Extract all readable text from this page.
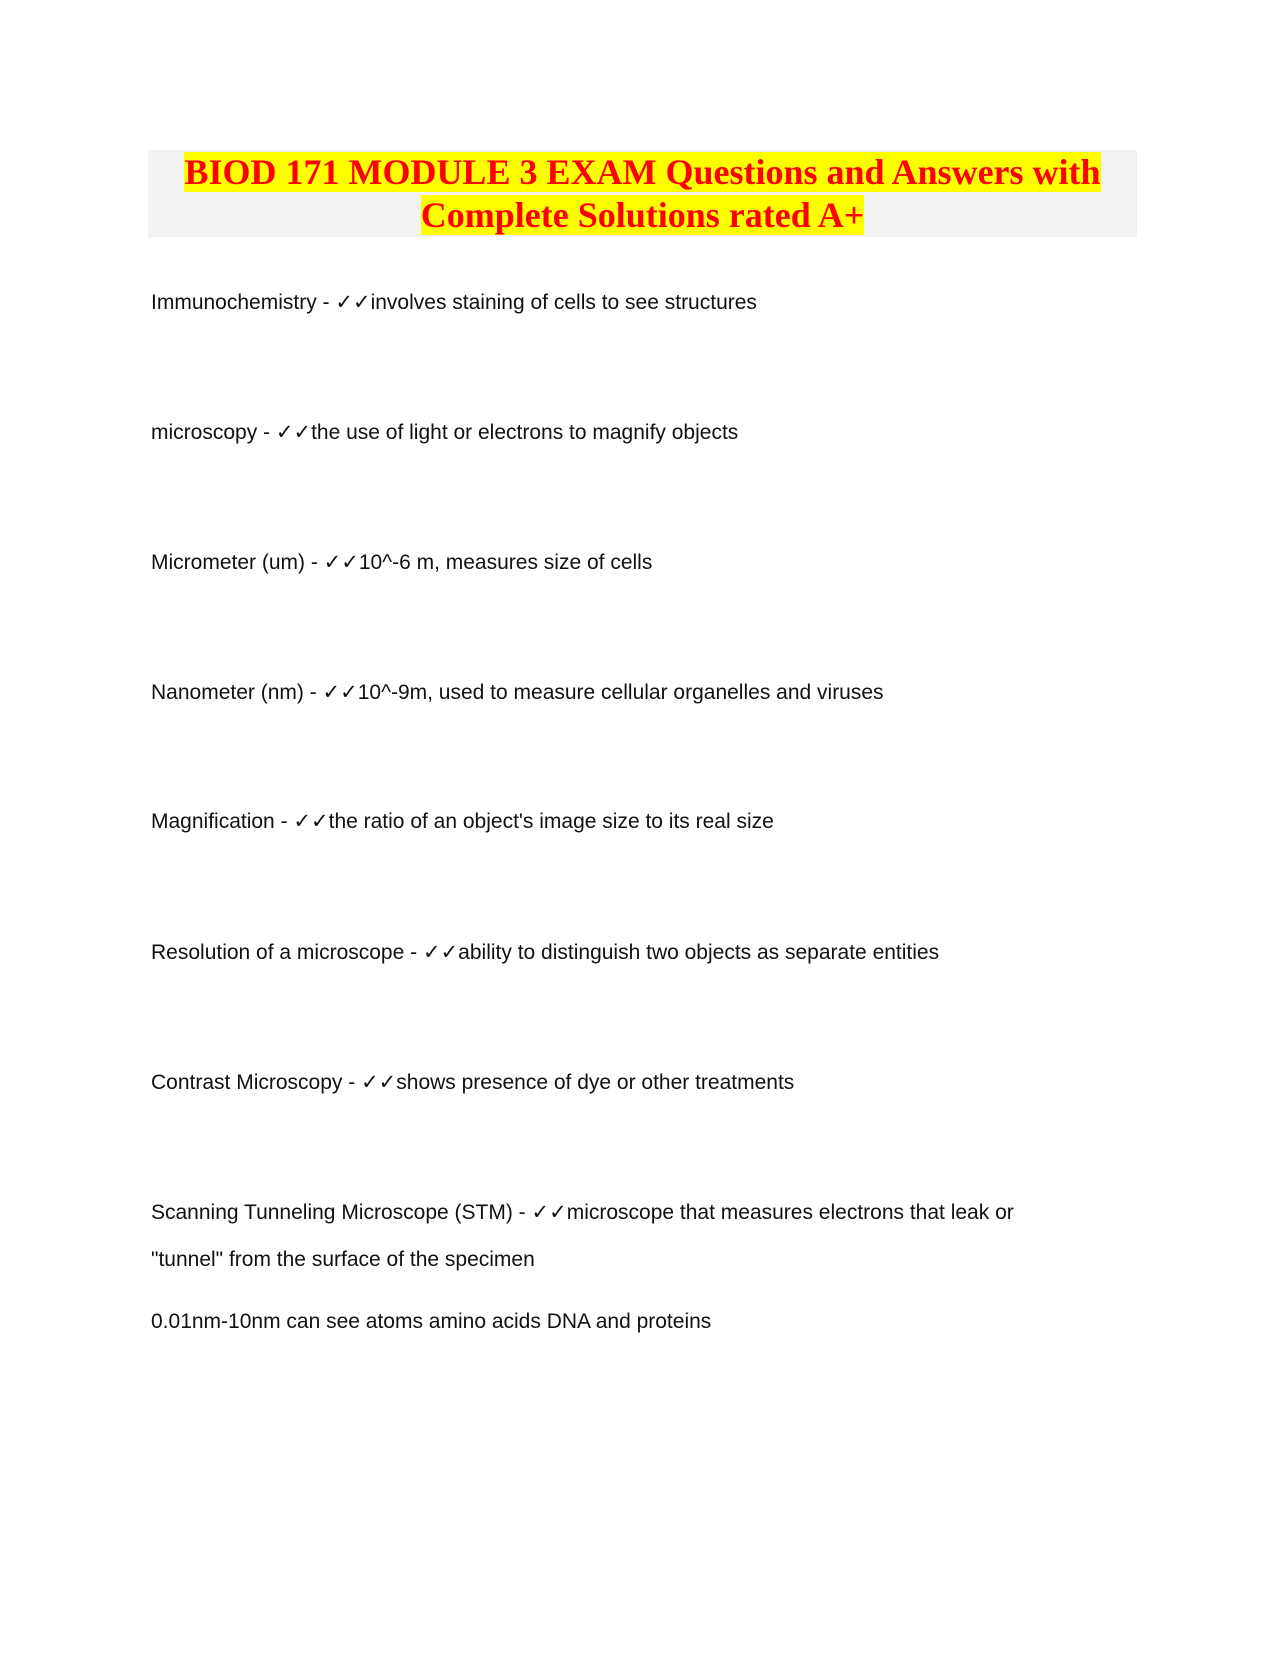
BIOD 171 MODULE 3 EXAM Questions and Answers with
Complete Solutions rated A+

Immunochemistry - ✓✓involves staining of cells to see structures
microscopy - ✓✓the use of light or electrons to magnify objects
Micrometer (um) - ✓✓10^-6 m, measures size of cells
Nanometer (nm) - ✓✓10^-9m, used to measure cellular organelles and viruses
Magnification - ✓✓the ratio of an object's image size to its real size
Resolution of a microscope - ✓✓ability to distinguish two objects as separate entities
Contrast Microscopy - ✓✓shows presence of dye or other treatments
Scanning Tunneling Microscope (STM) - ✓✓microscope that measures electrons that leak or
"tunnel" from the surface of the specimen
0.01nm-10nm can see atoms amino acids DNA and proteins
